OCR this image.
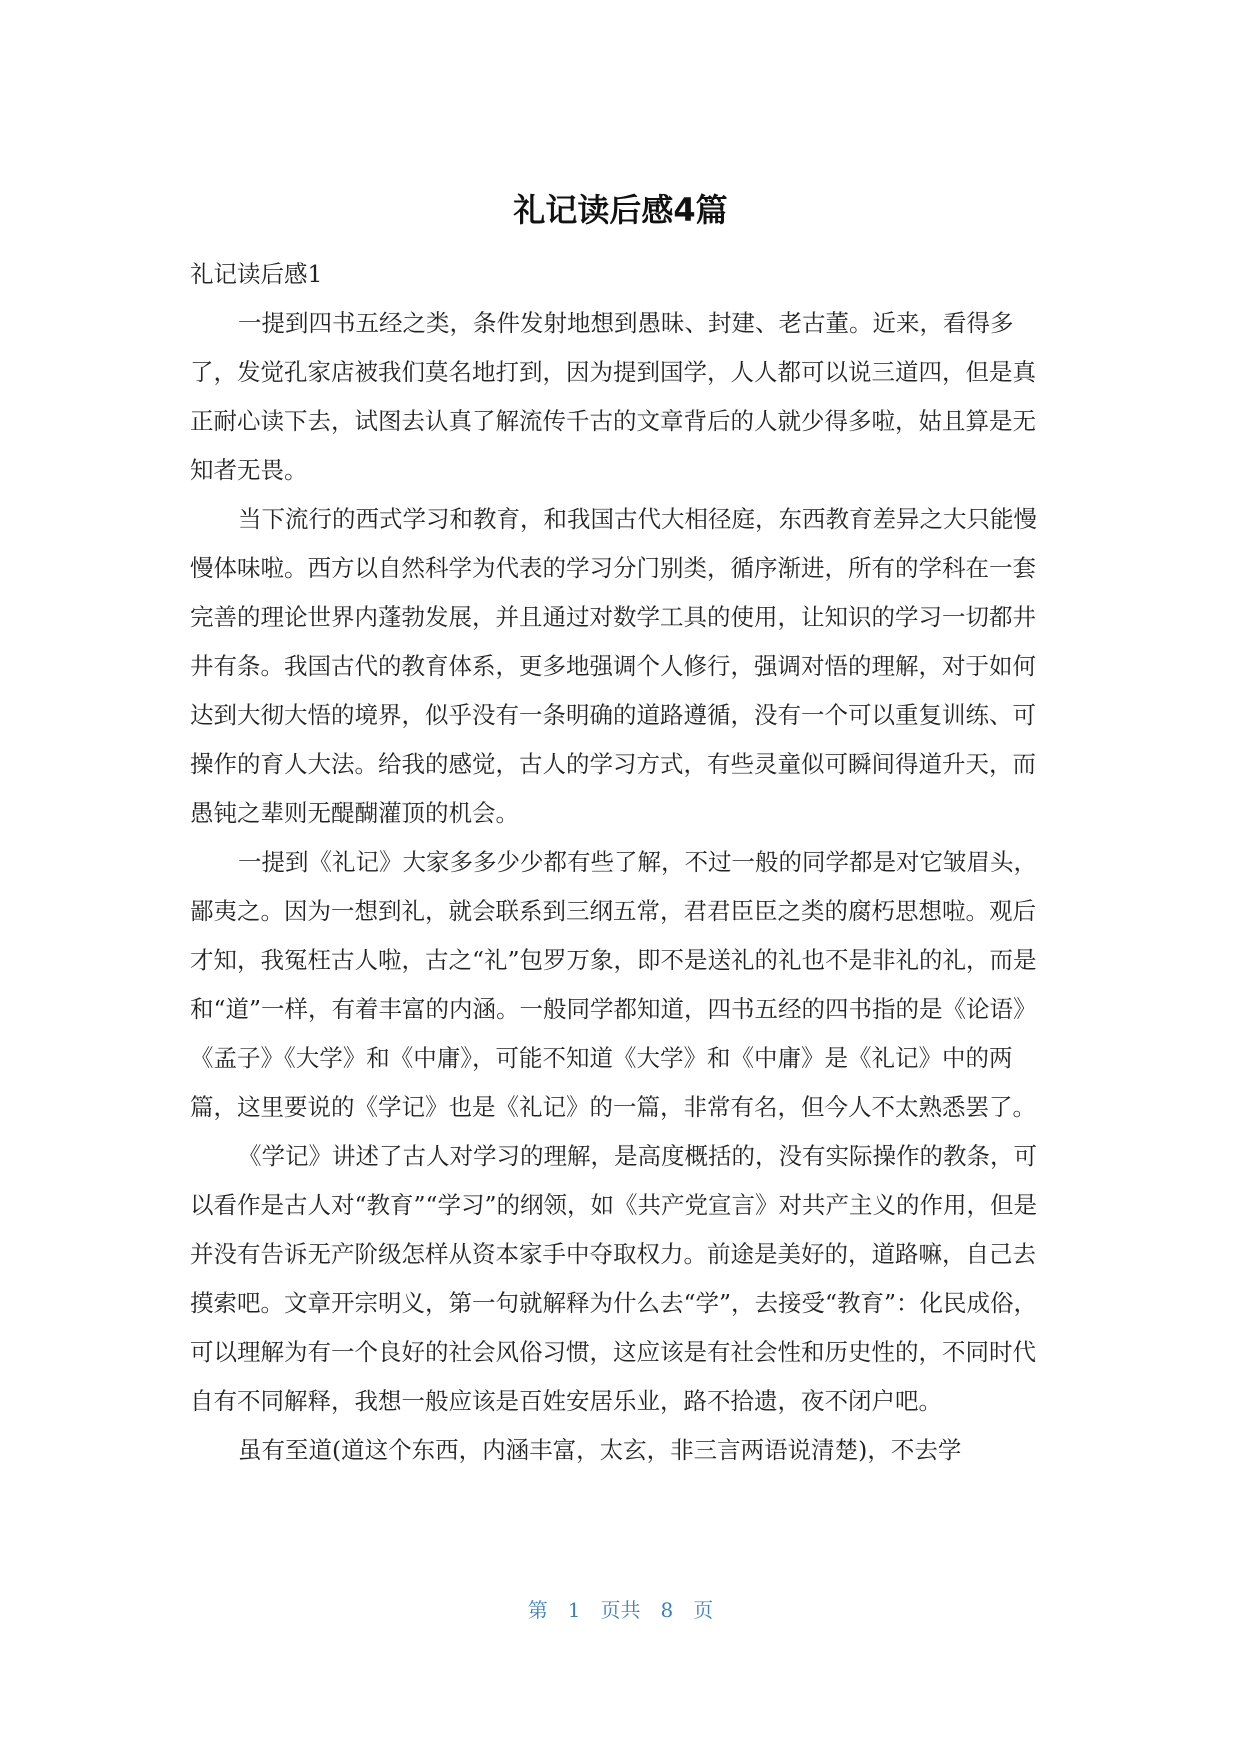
礼记读后感4篇

礼记读后感1

一提到四书五经之类，条件发射地想到愚昧、封建、老古董。近来，看得多了，发觉孔家店被我们莫名地打到，因为提到国学，人人都可以说三道四，但是真正耐心读下去，试图去认真了解流传千古的文章背后的人就少得多啦，姑且算是无知者无畏。

当下流行的西式学习和教育，和我国古代大相径庭，东西教育差异之大只能慢慢体味啦。西方以自然科学为代表的学习分门别类，循序渐进，所有的学科在一套完善的理论世界内蓬勃发展，并且通过对数学工具的使用，让知识的学习一切都井井有条。我国古代的教育体系，更多地强调个人修行，强调对悟的理解，对于如何达到大彻大悟的境界，似乎没有一条明确的道路遵循，没有一个可以重复训练、可操作的育人大法。给我的感觉，古人的学习方式，有些灵童似可瞬间得道升天，而愚钝之辈则无醍醐灌顶的机会。

一提到《礼记》大家多多少少都有些了解，不过一般的同学都是对它皱眉头，鄙夷之。因为一想到礼，就会联系到三纲五常，君君臣臣之类的腐朽思想啦。观后才知，我冤枉古人啦，古之“礼”包罗万象，即不是送礼的礼也不是非礼的礼，而是和“道”一样，有着丰富的内涵。一般同学都知道，四书五经的四书指的是《论语》《孟子》《大学》和《中庸》，可能不知道《大学》和《中庸》是《礼记》中的两篇，这里要说的《学记》也是《礼记》的一篇，非常有名，但今人不太熟悉罢了。

《学记》讲述了古人对学习的理解，是高度概括的，没有实际操作的教条，可以看作是古人对“教育”“学习”的纲领，如《共产党宣言》对共产主义的作用，但是并没有告诉无产阶级怎样从资本家手中夺取权力。前途是美好的，道路嘛，自己去摸索吧。文章开宗明义，第一句就解释为什么去“学”，去接受“教育”：化民成俗，可以理解为有一个良好的社会风俗习惯，这应该是有社会性和历史性的，不同时代自有不同解释，我想一般应该是百姓安居乐业，路不拾遗，夜不闭户吧。

虽有至道(道这个东西，内涵丰富，太玄，非三言两语说清楚)，不去学

第　1　页共　8　页
